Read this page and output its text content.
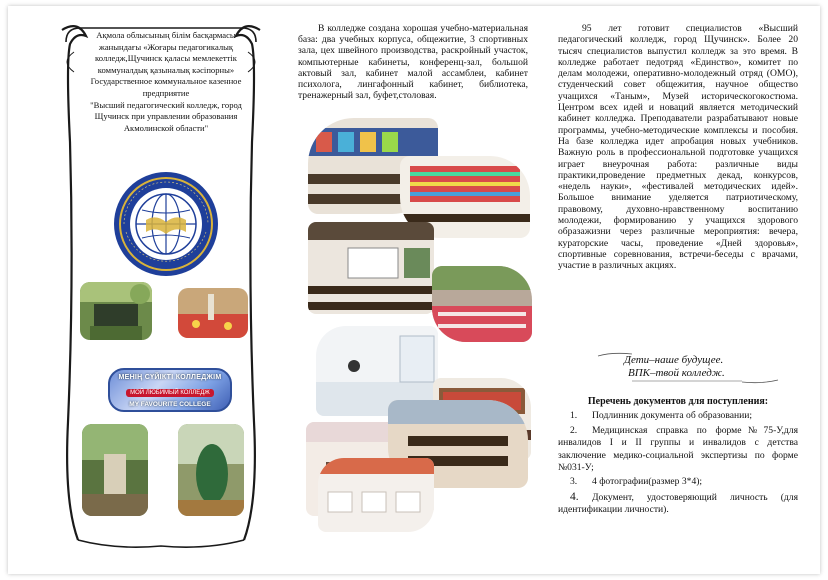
Ақмола облысының білім басқармасы
жанындағы «Жоғары педагогикалық
колледж,Щучинск қаласы мемлекеттік
коммуналдық қазыналық кәсіпорны»
Государственное коммунальное казенное
предприятие
"Высший педагогический колледж, город
Щучинск при управлении образования
Акмолинской области"
МЕНІҢ СҮЙІКТІ КОЛЛЕДЖІМ
МОЙ ЛЮБИМЫЙ КОЛЛЕДЖ
MY FAVOURITE COLLEGE

В колледже создана хорошая учебно-материальная база: два учебных корпуса, общежитие, 3 спортивных зала, цех швейного производства, раскройный участок, компьютерные кабинеты, конференц-зал, большой актовый зал, кабинет малой ассамблеи, кабинет психолога, лингафонный кабинет, библиотека, тренажерный зал, буфет,столовая.

95 лет готовит специалистов «Высший педагогический колледж, город Щучинск». Более 20 тысяч специалистов выпустил колледж за это время. В колледже работает педотряд «Единство», комитет по делам молодежи, оперативно-молодежный отряд (ОМО), студенческий совет общежития, научное общество учащихся «Таным», Музей историческогокостюма. Центром всех идей и новаций является методический кабинет колледжа. Преподаватели разрабатывают новые программы, учебно-методические комплексы и пособия. На базе колледжа идет апробация новых учебников. Важную роль в профессиональной подготовке учащихся играет внеурочная работа: различные виды практики,проведение предметных декад, конкурсов, «недель науки», «фестивалей методических идей». Большое внимание уделяется патриотическому, правовому, духовно-нравственному воспитанию молодежи, формированию у учащихся здорового образажизни через различные мероприятия: вечера, кураторские часы, проведение «Дней здоровья», спортивные соревнования, встречи-беседы с врачами, участие в различных акциях.

Дети–наше будущее.
ВПК–твой колледж.
Перечень документов для поступления:
1. Подлинник документа об образовании;
2. Медицинская справка по форме№75-У,для инвалидов I и II группы и инвалидов с детства заключение медико-социальной экспертизы по форме №031-У;
3. 4 фотографии(размер 3*4);
4. Документ, удостоверяющий личность (для идентификации личности).
